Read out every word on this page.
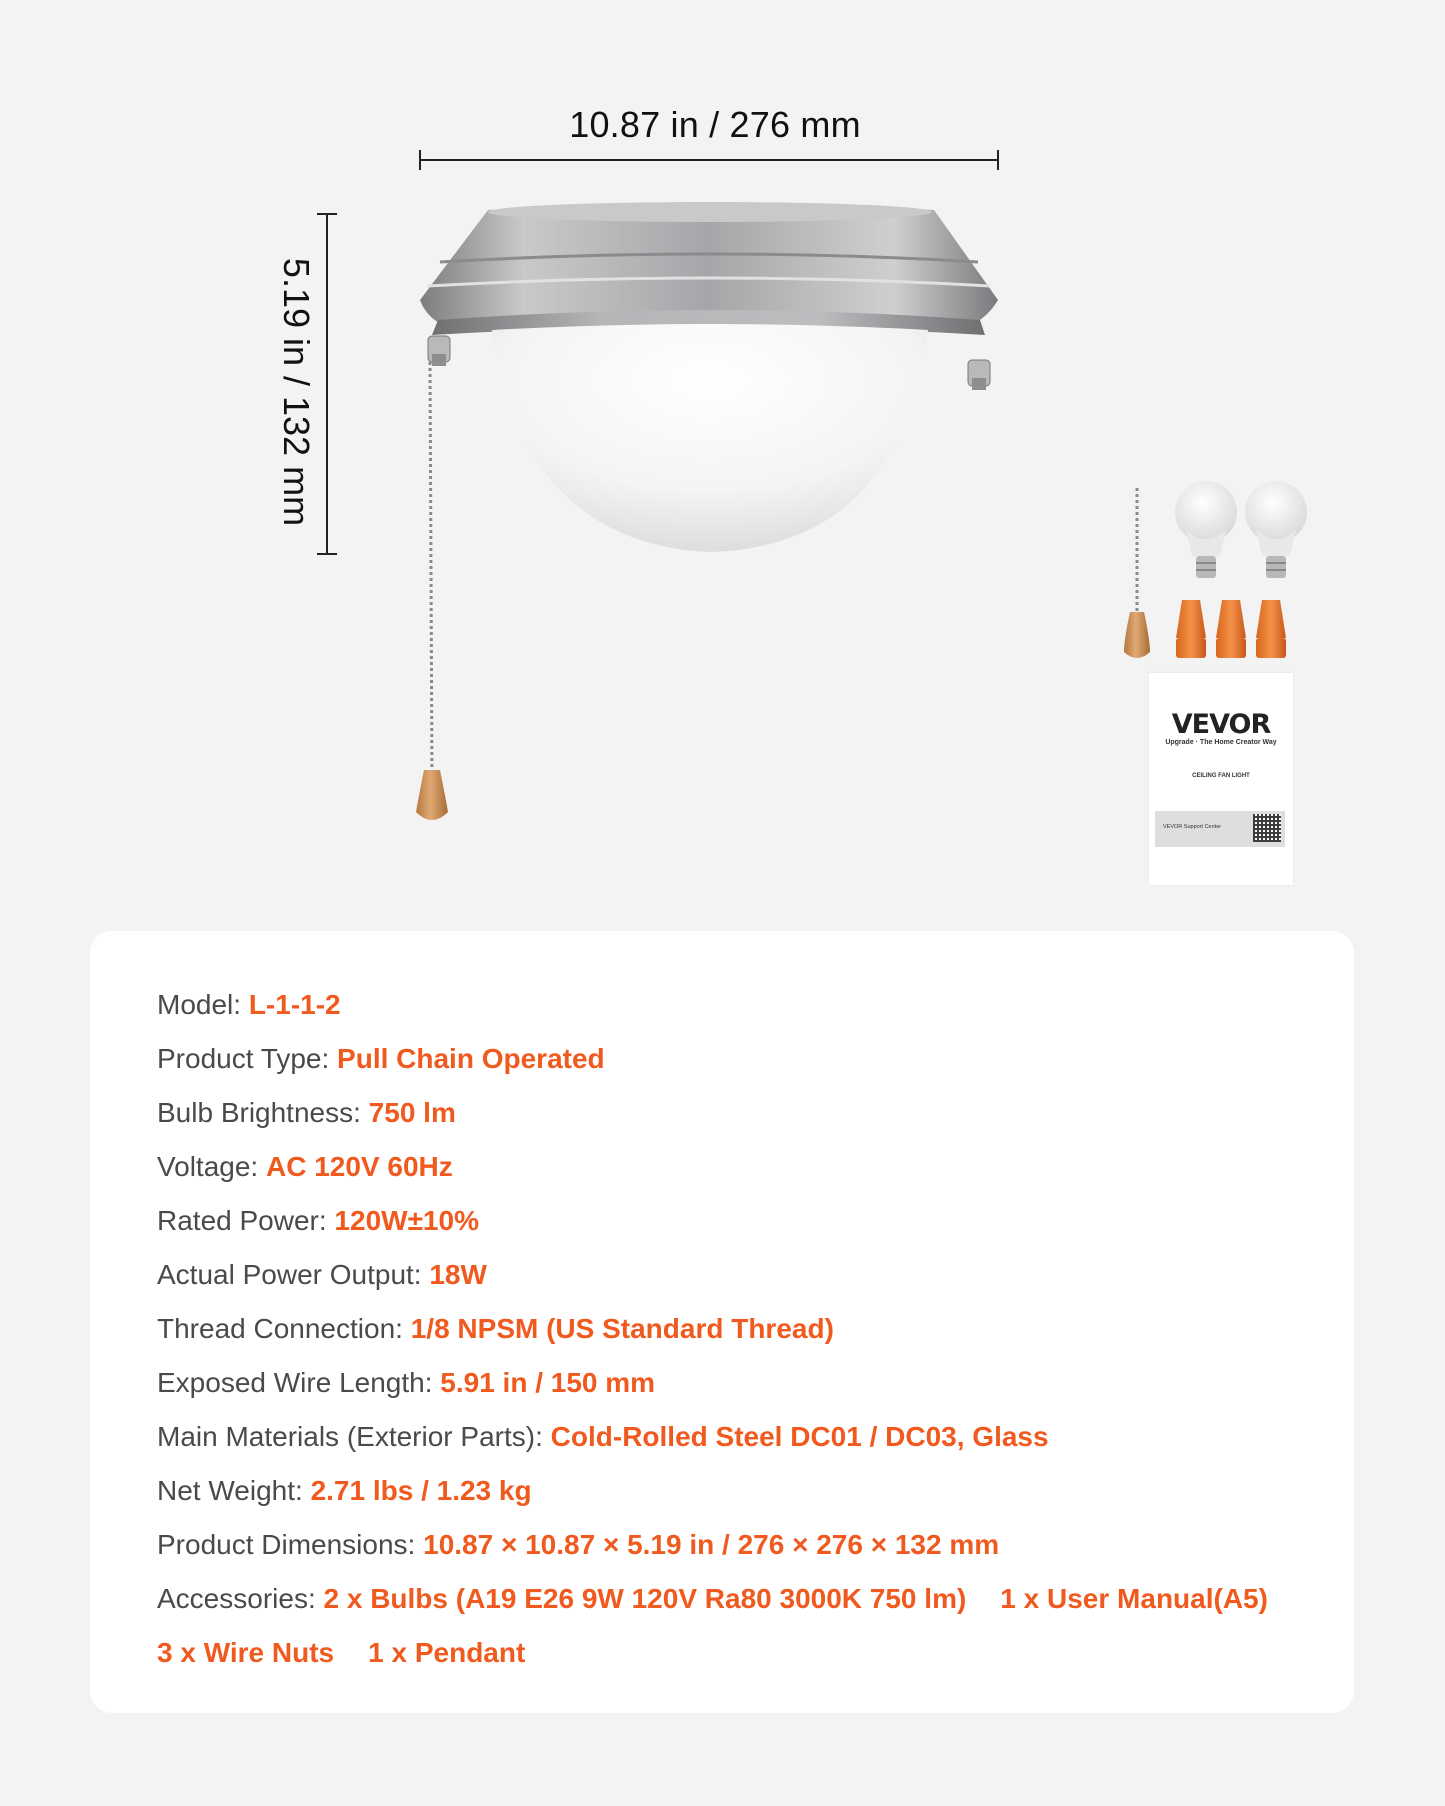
10.87 in / 276 mm
5.19 in / 132 mm
VEVOR
Upgrade · The Home Creator Way
CEILING FAN LIGHT
VEVOR Support Center
Model: L-1-1-2
Product Type: Pull Chain Operated
Bulb Brightness: 750 lm
Voltage: AC 120V 60Hz
Rated Power: 120W±10%
Actual Power Output: 18W
Thread Connection: 1/8 NPSM (US Standard Thread)
Exposed Wire Length: 5.91 in / 150 mm
Main Materials (Exterior Parts): Cold-Rolled Steel DC01 / DC03, Glass
Net Weight: 2.71 lbs / 1.23 kg
Product Dimensions: 10.87 × 10.87 × 5.19 in / 276 × 276 × 132 mm
Accessories: 2 x Bulbs (A19 E26 9W 120V Ra80 3000K 750 lm) 1 x User Manual(A5)
3 x Wire Nuts 1 x Pendant
